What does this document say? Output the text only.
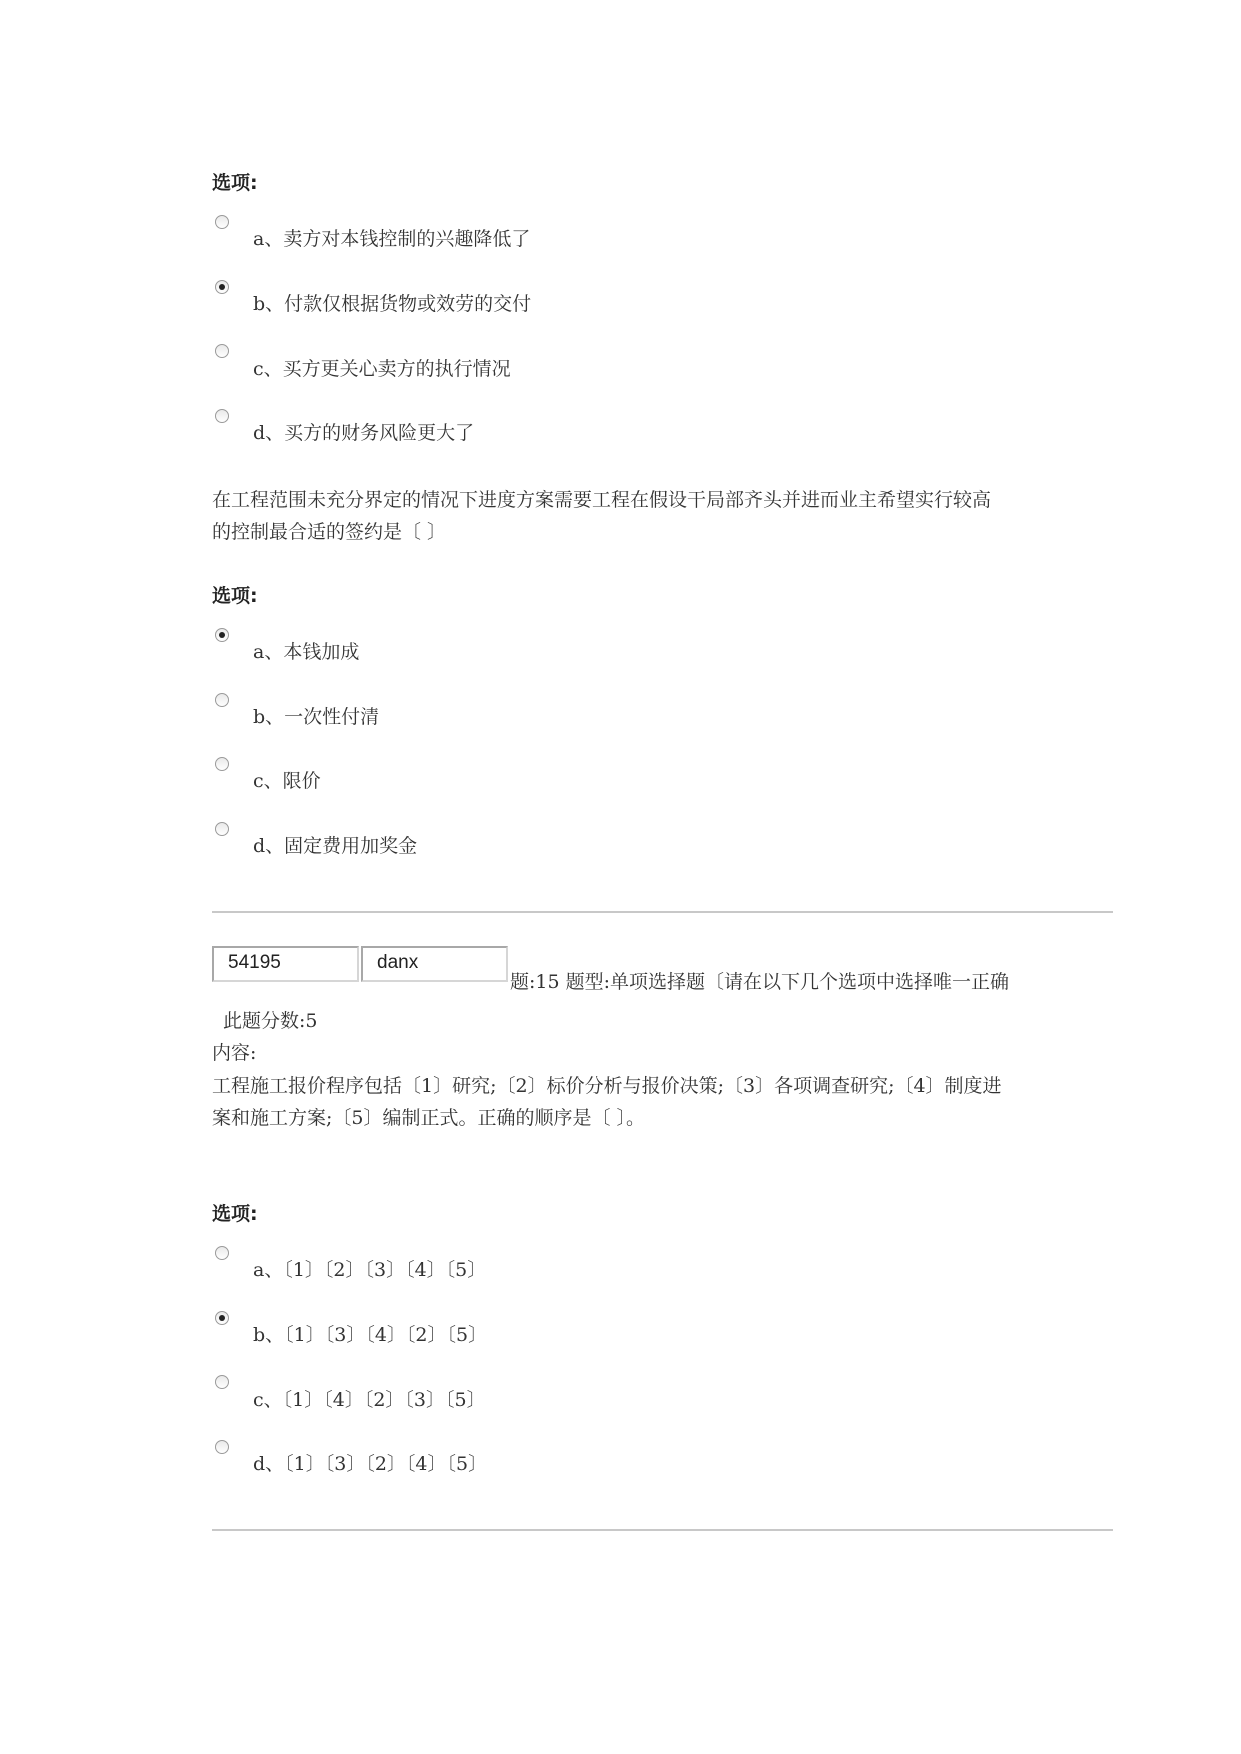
选项:
a、卖方对本钱控制的兴趣降低了
b、付款仅根据货物或效劳的交付
c、买方更关心卖方的执行情况
d、买方的财务风险更大了
在工程范围未充分界定的情况下进度方案需要工程在假设干局部齐头并进而业主希望实行较高
的控制最合适的签约是〔 〕
选项:
a、本钱加成
b、一次性付清
c、限价
d、固定费用加奖金
54195	danx
题:15 题型:单项选择题〔请在以下几个选项中选择唯一正确
此题分数:5
内容:
工程施工报价程序包括〔1〕研究;〔2〕标价分析与报价决策;〔3〕各项调查研究;〔4〕制度进
案和施工方案;〔5〕编制正式。正确的顺序是〔 〕。
选项:
a、〔1〕〔2〕〔3〕〔4〕〔5〕
b、〔1〕〔3〕〔4〕〔2〕〔5〕
c、〔1〕〔4〕〔2〕〔3〕〔5〕
d、〔1〕〔3〕〔2〕〔4〕〔5〕
